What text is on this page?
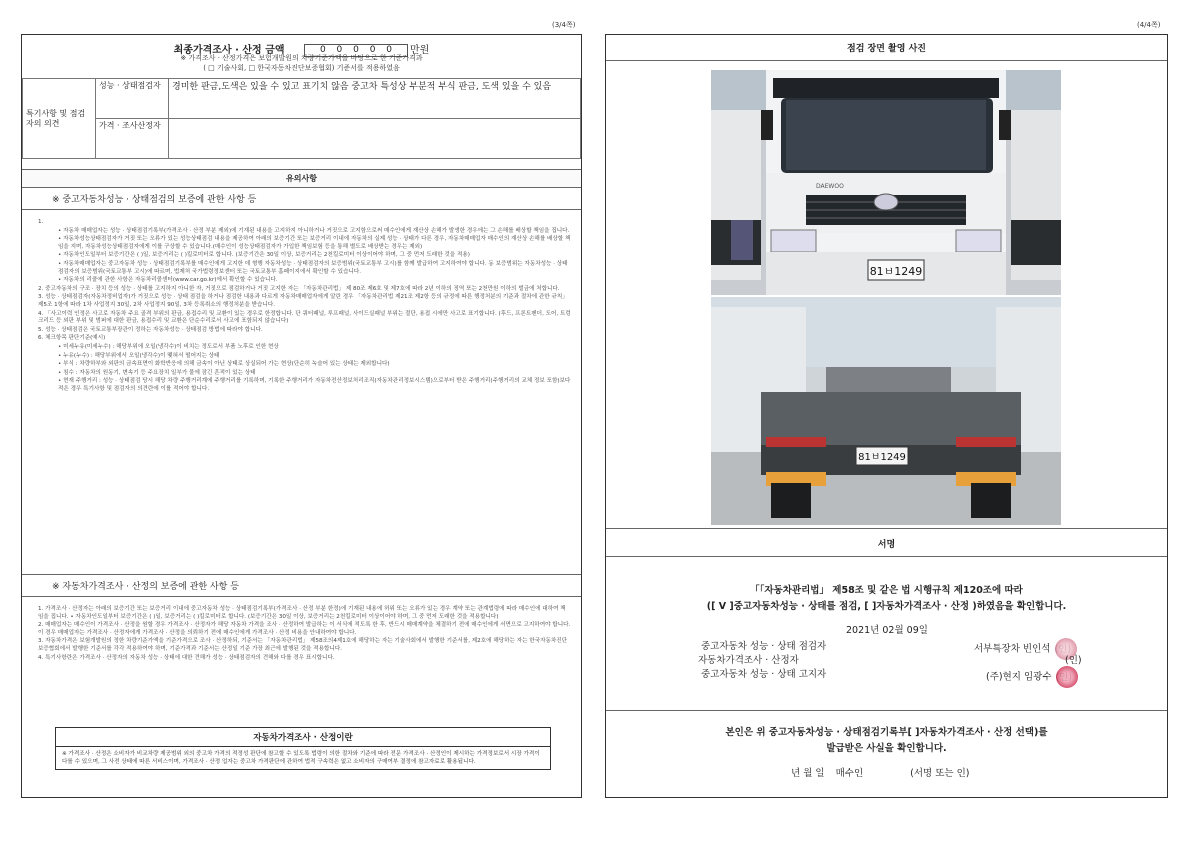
(3/4쪽)
최종가격조사 · 산정 금액	0 0 0 0 0 만원
※ 가격조사 · 산정가격은 보험개발원의 차량기준가액을 바탕으로 한 기준가격과
( □ 기술사회, □ 한국자동차진단보증협회) 기준서를 적용하였음
특기사항 및 점검자의 의견	성능 · 상태점검자	경미한 판금,도색은 있을 수 있고 표기치 않음 중고차 특성상 부분적 부식 판금, 도색 있을 수 있음
	가격 · 조사산정자	
유의사항
※ 중고자동차성능 · 상태점검의 보증에 관한 사항 등

1.

• 자동차 매매업자는 성능 · 상태점검기록부(가격조사 · 산정 부분 제외)에 기재된 내용을 고지하지 아니하거나 거짓으로 고지함으로써 매수인에게 재산상 손해가 발생한 경우에는 그 손해를 배상할 책임을 집니다.

• 자동차성능상태점검자가 거짓 또는 오류가 있는 성능상태점검 내용을 제공하여 아래의 보증기간 또는 보증거리 이내에 자동차의 실제 성능 · 상태가 다른 경우, 자동차매매업자 매수인의 재산상 손해를 배상할 책임을 지며, 자동차성능상태점검자에게 이를 구상할 수 있습니다.(매수인이 성능상태점검자가 가입한 책임보험 등을 통해 별도로 배상받는 경우는 제외)

• 자동차인도일부터 보증기간은 ( )일, 보증거리는 ( )킬로미터로 합니다. (보증기간은 30일 이상, 보증거리는 2천킬로미터 이상이어야 하며, 그 중 먼저 도래한 것을 적용)

• 자동차매매업자는 중고자동차 성능 · 상태점검기록부를 매수인에게 고지한 데 형행 자동차성능 · 상태점검자의 보증범위(국토교통부 고시)를 함께 발급하여 고지하여야 합니다. 동 보증범위는 자동차성능 · 상태점검자의 보증범위(국토교통부 고시)에 따르며, 법제처 국가법령정보센터 또는 국토교통부 홈페이지에서 확인할 수 있습니다.

• 자동차의 리콜에 관한 사항은 자동차리콜센터(www.car.go.kr)에서 확인할 수 있습니다.

2. 중고자동차의 구조 · 장치 등의 성능 · 상태를 고지하지 아니한 자, 거짓으로 점검하거나 거짓 고지한 자는 「자동차관리법」 제 80조 제6호 및 제7호에 따라 2년 이하의 징역 또는 2천만원 이하의 벌금에 처합니다.

3. 성능 · 상태점검자(자동차정비업자)가 거짓으로 성능 · 상태 점검을 하거나 점검한 내용과 다르게 자동차매매업자에게 알린 경우 「자동차관리법 제21조 제2항 등의 규정에 따른 행정처분의 기준과 절차에 관한 규칙」 제5조 1항에 따라 1차 사업정지 30일, 2차 사업정지 90일, 3차 등록취소의 행정처분을 받습니다.

4. 「사고이력 인정은 사고로 자동차 주요 골격 부위의 판금, 용접수리 및 교환이 있는 경우로 한정합니다. 단 쿼터패널, 루프패널, 사이드실패널 부위는 절단, 용접 시에만 사고로 표기합니다. (후드, 프론트펜더, 도어, 트렁크리드 등 외판 부위 및 범퍼에 대한 판금, 용접수리 및 교환은 단순수리로서 사고에 포함되지 않습니다)

5. 성능 · 상태점검은 국토교통부장관이 정하는 자동차성능 · 상태점검 방법에 따라야 합니다.

6. 체크항목 판단기준(예시)

• 미세누유(미세누수) : 해당부위에 오일(냉각수)이 비치는 정도로서 부품 노후로 인한 현상

• 누유(누수) : 해당부위에서 오일(냉각수)이 맺혀서 떨어지는 상태

• 부식 : 차량하부와 외판의 금속표면이 화학반응에 의해 금속이 아닌 상태로 상실되어 가는 현상(단순히 녹슬어 있는 상태는 제외합니다)

• 침수 : 자동차의 원동기, 변속기 등 주요장치 일부가 물에 잠긴 흔적이 있는 상태

• 현재 주행거리 : 성능 · 상태점검 당시 해당 차량 주행거리계에 주행거리를 기록하며, 기록한 주행거리가 자동차전산정보처리조직(자동차관리정보시스템)으로부터 받은 주행거리(주행거리의 교체 정보 포함)보다 적은 경우 특기사항 및 점검자의 의견란에 이를 적어야 합니다.

※ 자동차가격조사 · 산정의 보증에 관한 사항 등

1. 가격조사 · 산정자는 아래의 보증기간 또는 보증거리 이내에 중고자동차 성능 · 상태점검기록부(가격조사 · 산정 부분 한정)에 기재된 내용에 허위 또는 오류가 있는 경우 계약 또는 관계법령에 따라 매수인에 대하여 책임을 집니다. • 자동차인도일부터 보증기간은 ( )일, 보증거리는 ( )킬로미터로 합니다. (보증기간은 30일 이상, 보증거리는 2천킬로미터 이상이어야 하며, 그 중 먼저 도래한 것을 적용합니다)

2. 매매업자는 매수인이 가격조사 · 산정을 원할 경우 가격조사 · 산정자가 해당 자동차 가격을 조사 · 산정하여 발급하는 이 서식에 적도록 한 후, 반드시 매매계약을 체결하기 전에 매수인에게 서면으로 고지하여야 합니다. 이 경우 매매업자는 가격조사 · 산정자에게 가격조사 · 산정을 의뢰하기 전에 매수인에게 가격조사 · 산정 비용을 안내하여야 합니다.

3. 자동차가격은 보험개발원의 정한 차량기준가액을 기준가격으로 조사 · 산정하되, 기준서는 「자동차관리법」 제58조의4제1호에 해당하는 자는 기술사회에서 발행한 기준서를, 제2호에 해당하는 자는 한국자동차진단보증협회에서 발행한 기준서를 각각 적용하여야 하며, 기준가격과 기준서는 산정일 기준 가장 최근에 발행된 것을 적용합니다.

4. 특기사항란은 가격조사 · 산정자의 자동차 성능 · 상태에 대한 견해가 성능 · 상태점검자의 견해와 다를 경우 표시합니다.

자동차가격조사 · 산정이란
※ 가격조사 · 산정은 소비자가 비교차량 제공범위 외의 중고차 가격의 적정성 판단에 참고할 수 있도록 법령이 의한 절차와 기준에 따라 전문 가격조사 · 산정인이 제시하는 가격정보로서 시장 가격이 다를 수 있으며, 그 사전 상태에 따른 서비스이며, 가격조사 · 산정 업자는 중고차 가격판단에 관하여 법적 구속력은 없고 소비자의 구매여부 결정에 참고자료로 활용됩니다.
(4/4쪽)
점검 장면 촬영 사진
81ㅂ1249
DAEWOO
81ㅂ1249
서명
「「자동차관리법」 제58조 및 같은 법 시행규칙 제120조에 따라
([ V ]중고자동차성능 · 상태를 점검, [ ]자동차가격조사 · 산정 )하였음을 확인합니다.
2021년 02월 09일
중고자동차 성능 · 상태 점검자	서부특장차 빈인석
자동차가격조사 · 산정자	(인)
중고자동차 성능 · 상태 고지자	(주)현지 임광수
본인은 위 중고자동차성능 · 상태점검기록부[ ]자동차가격조사 · 산정 선택)를
발급받은 사실을 확인합니다.
년 월 일 매수인	(서명 또는 인)
